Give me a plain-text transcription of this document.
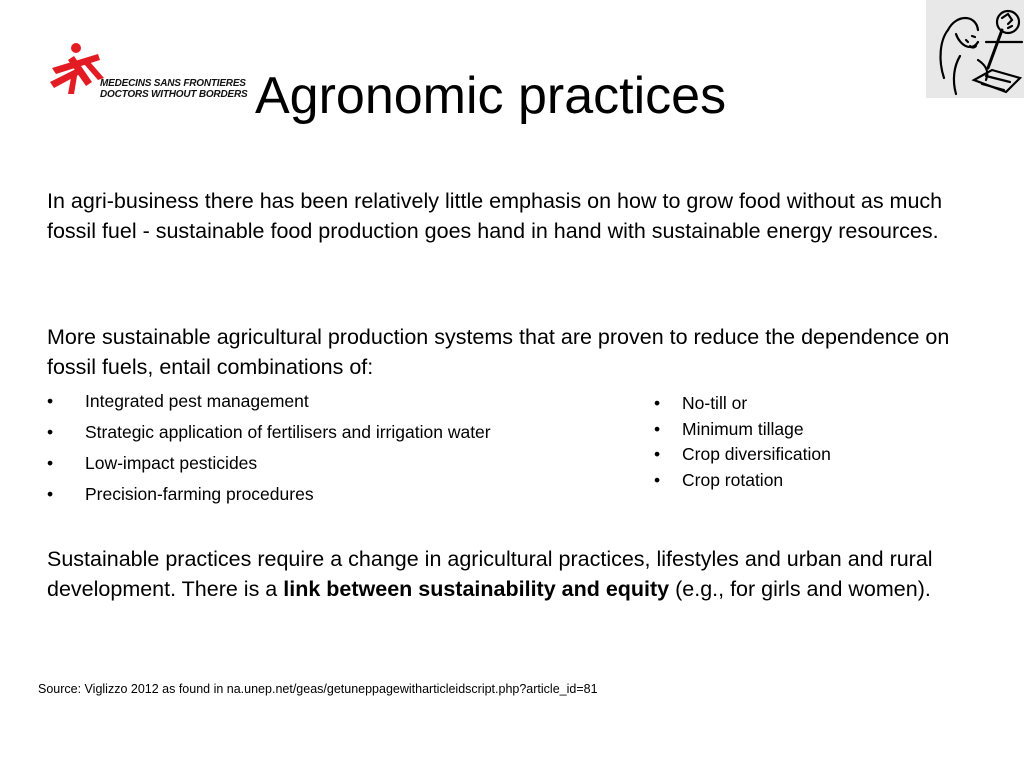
MEDECINS SANS FRONTIERES
DOCTORS WITHOUT BORDERS Agronomic practices

In agri-business there has been relatively little emphasis on how to grow food without as much fossil fuel - sustainable food production goes hand in hand with sustainable energy resources.

More sustainable agricultural production systems that are proven to reduce the dependence on fossil fuels, entail combinations of:

•	Integrated pest management
•	Strategic application of fertilisers and irrigation water
•	Low-impact pesticides
•	Precision-farming procedures
•	No-till or
•	Minimum tillage
•	Crop diversification
•	Crop rotation

Sustainable practices require a change in agricultural practices, lifestyles and urban and rural development. There is a link between sustainability and equity (e.g., for girls and women).

Source: Viglizzo 2012 as found in na.unep.net/geas/getuneppagewitharticleidscript.php?article_id=81
